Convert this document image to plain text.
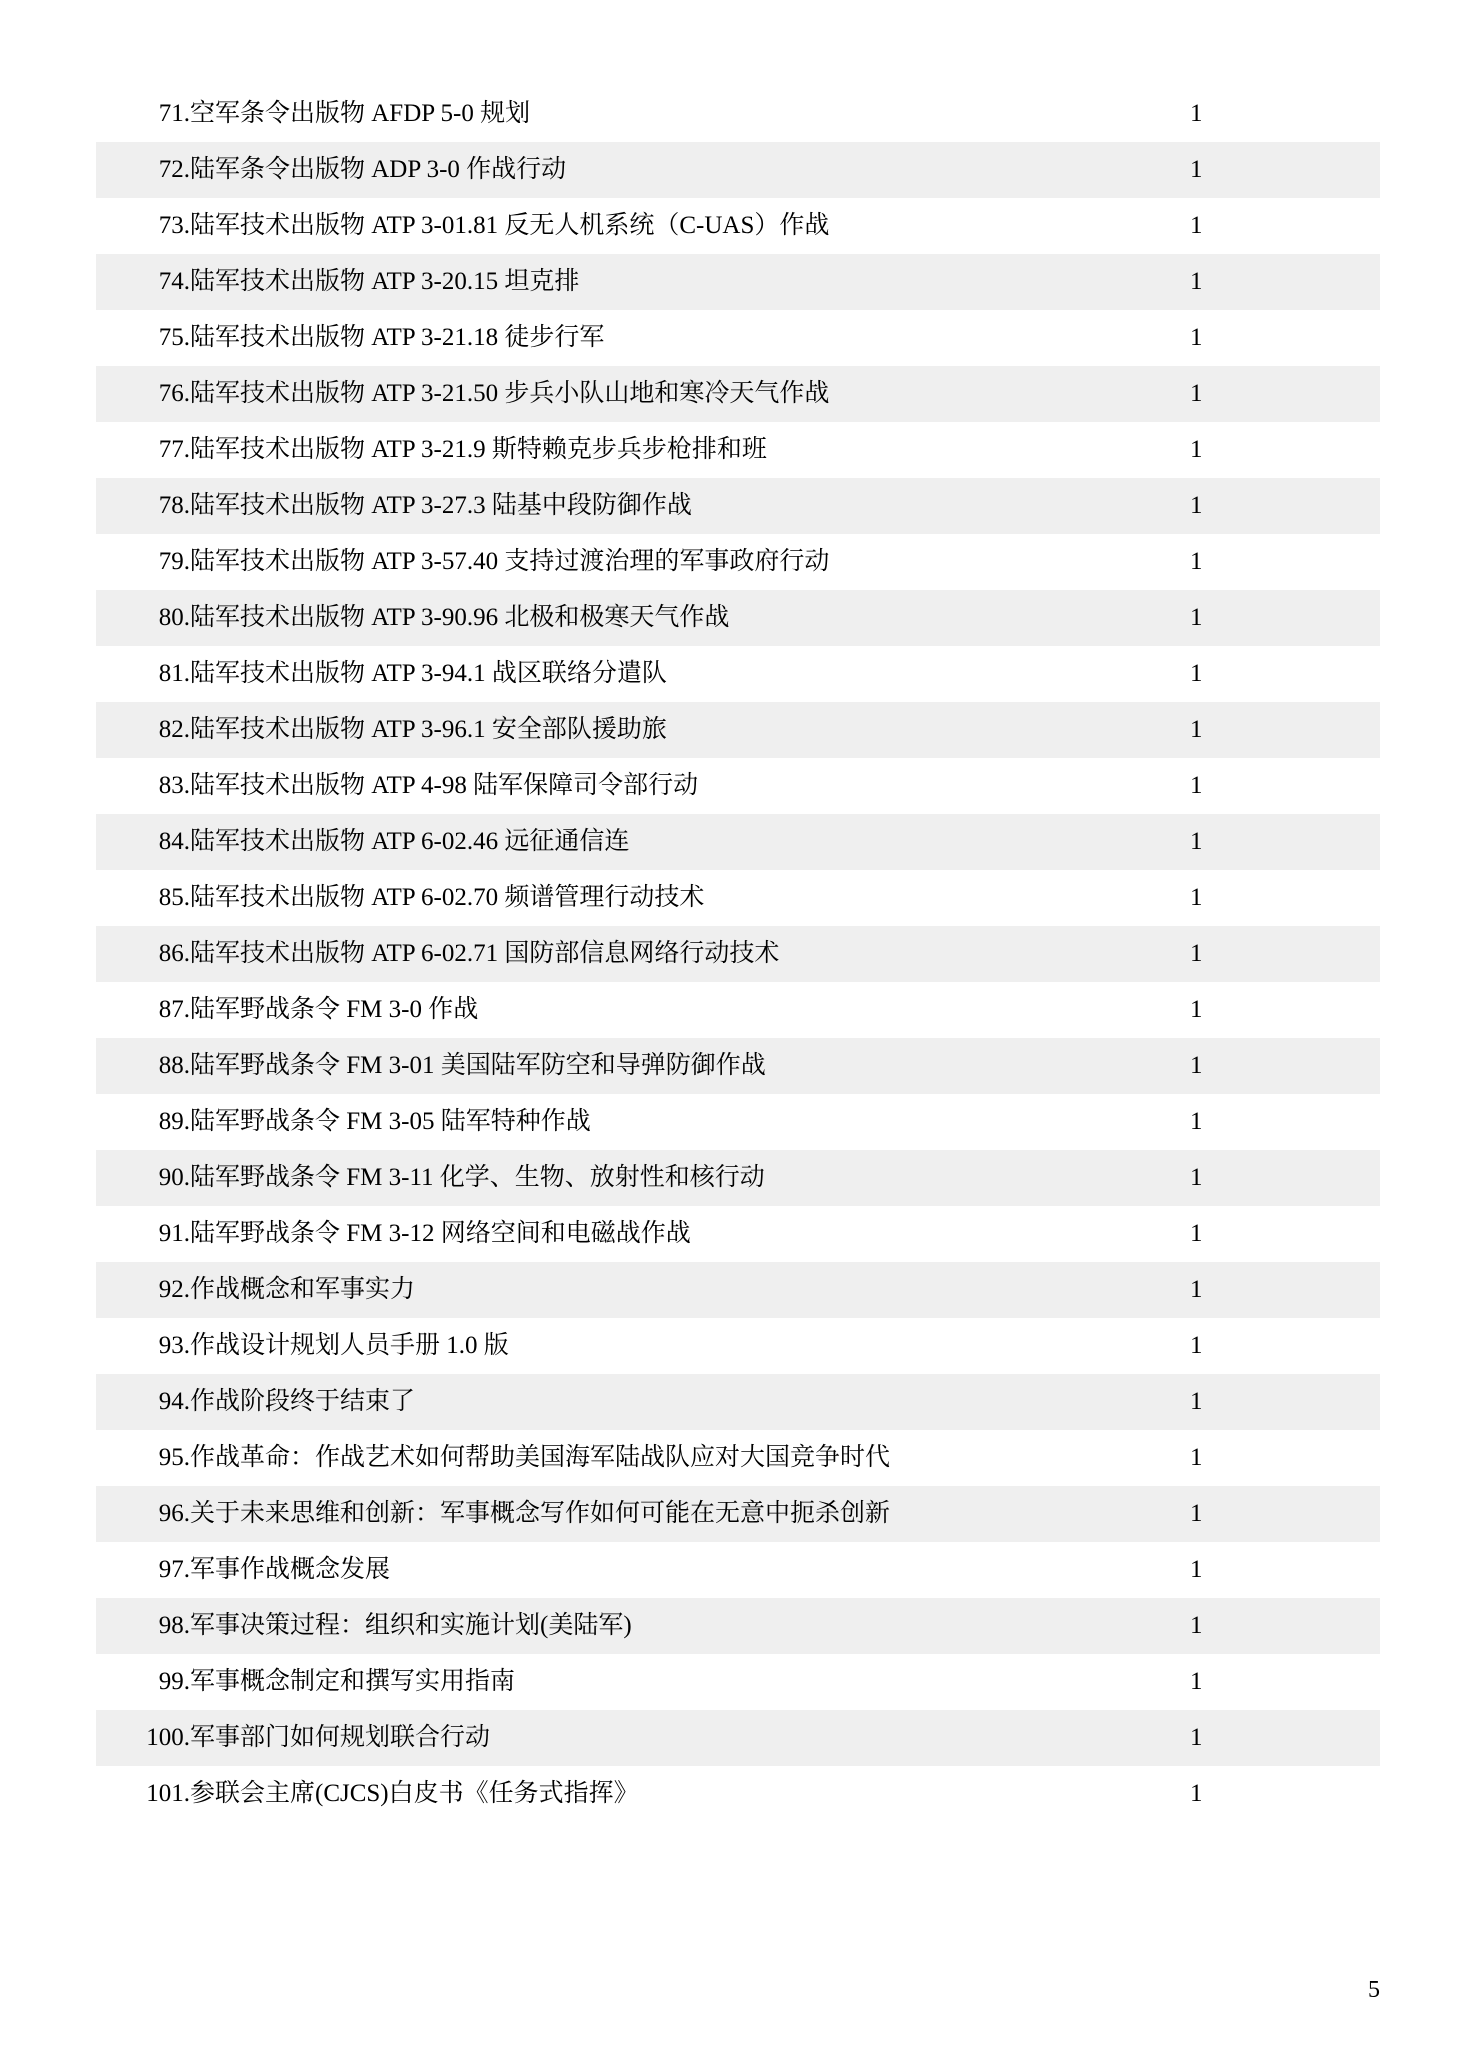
71.	空军条令出版物 AFDP 5-0 规划	1
72.	陆军条令出版物 ADP 3-0 作战行动	1
73.	陆军技术出版物 ATP 3-01.81 反无人机系统（C-UAS）作战	1
74.	陆军技术出版物 ATP 3-20.15 坦克排	1
75.	陆军技术出版物 ATP 3-21.18 徒步行军	1
76.	陆军技术出版物 ATP 3-21.50 步兵小队山地和寒冷天气作战	1
77.	陆军技术出版物 ATP 3-21.9 斯特赖克步兵步枪排和班	1
78.	陆军技术出版物 ATP 3-27.3 陆基中段防御作战	1
79.	陆军技术出版物 ATP 3-57.40 支持过渡治理的军事政府行动	1
80.	陆军技术出版物 ATP 3-90.96 北极和极寒天气作战	1
81.	陆军技术出版物 ATP 3-94.1 战区联络分遣队	1
82.	陆军技术出版物 ATP 3-96.1 安全部队援助旅	1
83.	陆军技术出版物 ATP 4-98 陆军保障司令部行动	1
84.	陆军技术出版物 ATP 6-02.46 远征通信连	1
85.	陆军技术出版物 ATP 6-02.70 频谱管理行动技术	1
86.	陆军技术出版物 ATP 6-02.71 国防部信息网络行动技术	1
87.	陆军野战条令 FM 3-0 作战	1
88.	陆军野战条令 FM 3-01 美国陆军防空和导弹防御作战	1
89.	陆军野战条令 FM 3-05 陆军特种作战	1
90.	陆军野战条令 FM 3-11 化学、生物、放射性和核行动	1
91.	陆军野战条令 FM 3-12 网络空间和电磁战作战	1
92.	作战概念和军事实力	1
93.	作战设计规划人员手册 1.0 版	1
94.	作战阶段终于结束了	1
95.	作战革命：作战艺术如何帮助美国海军陆战队应对大国竞争时代	1
96.	关于未来思维和创新：军事概念写作如何可能在无意中扼杀创新	1
97.	军事作战概念发展	1
98.	军事决策过程：组织和实施计划(美陆军)	1
99.	军事概念制定和撰写实用指南	1
100.	军事部门如何规划联合行动	1
101.	参联会主席(CJCS)白皮书《任务式指挥》	1
5
